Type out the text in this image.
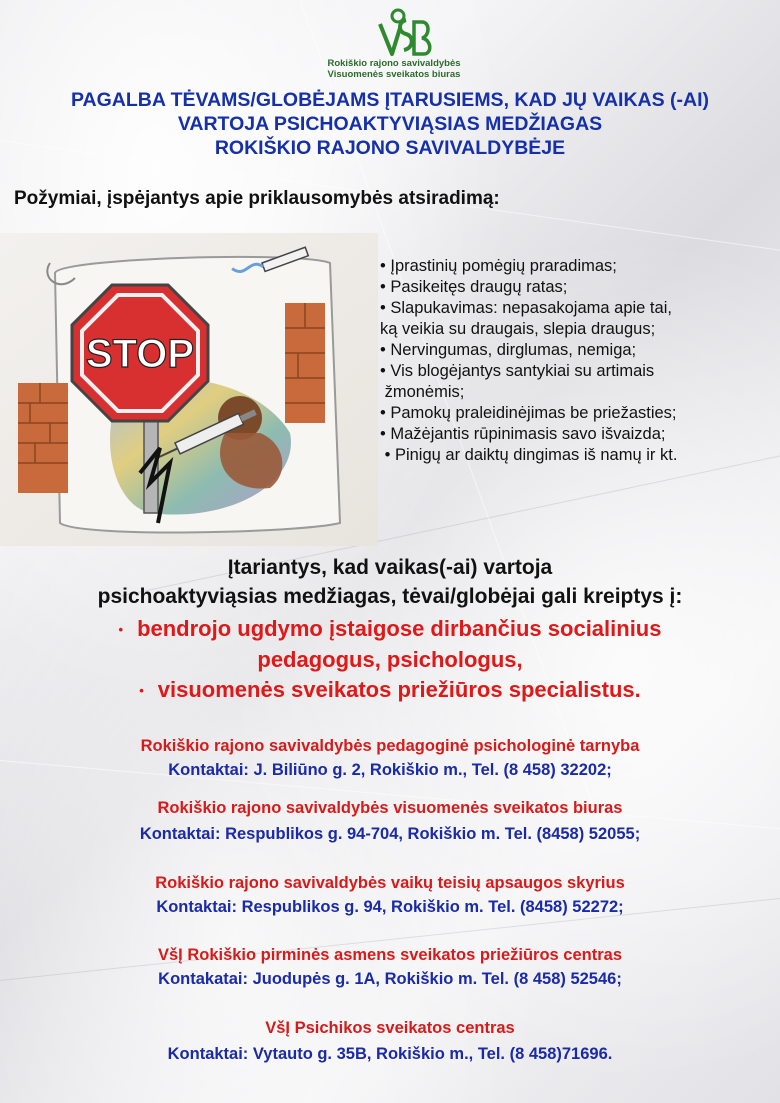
Rokiškio rajono savivaldybės
Visuomenės sveikatos biuras
PAGALBA TĖVAMS/GLOBĖJAMS ĮTARUSIEMS, KAD JŲ VAIKAS (-AI)
VARTOJA PSICHOAKTYVIĄSIAS MEDŽIAGAS
ROKIŠKIO RAJONO SAVIVALDYBĖJE
Požymiai, įspėjantys apie priklausomybės atsiradimą:
STOP
• Įprastinių pomėgių praradimas;
• Pasikeitęs draugų ratas;
• Slapukavimas: nepasakojama apie tai,
ką veikia su draugais, slepia draugus;
• Nervingumas, dirglumas, nemiga;
• Vis blogėjantys santykiai su artimais
žmonėmis;
• Pamokų praleidinėjimas be priežasties;
• Mažėjantis rūpinimasis savo išvaizda;
• Pinigų ar daiktų dingimas iš namų ir kt.
Įtariantys, kad vaikas(-ai) vartoja
psichoaktyviąsias medžiagas, tėvai/globėjai gali kreiptys į:
• bendrojo ugdymo įstaigose dirbančius socialinius
pedagogus, psichologus,
• visuomenės sveikatos priežiūros specialistus.
Rokiškio rajono savivaldybės pedagoginė psichologinė tarnyba
Kontaktai: J. Biliūno g. 2, Rokiškio m., Tel. (8 458) 32202;
Rokiškio rajono savivaldybės visuomenės sveikatos biuras
Kontaktai: Respublikos g. 94-704, Rokiškio m. Tel. (8458) 52055;
Rokiškio rajono savivaldybės vaikų teisių apsaugos skyrius
Kontaktai: Respublikos g. 94, Rokiškio m. Tel. (8458) 52272;
VšĮ Rokiškio pirminės asmens sveikatos priežiūros centras
Kontakatai: Juodupės g. 1A, Rokiškio m. Tel. (8 458) 52546;
VšĮ Psichikos sveikatos centras
Kontaktai: Vytauto g. 35B, Rokiškio m., Tel. (8 458)71696.
